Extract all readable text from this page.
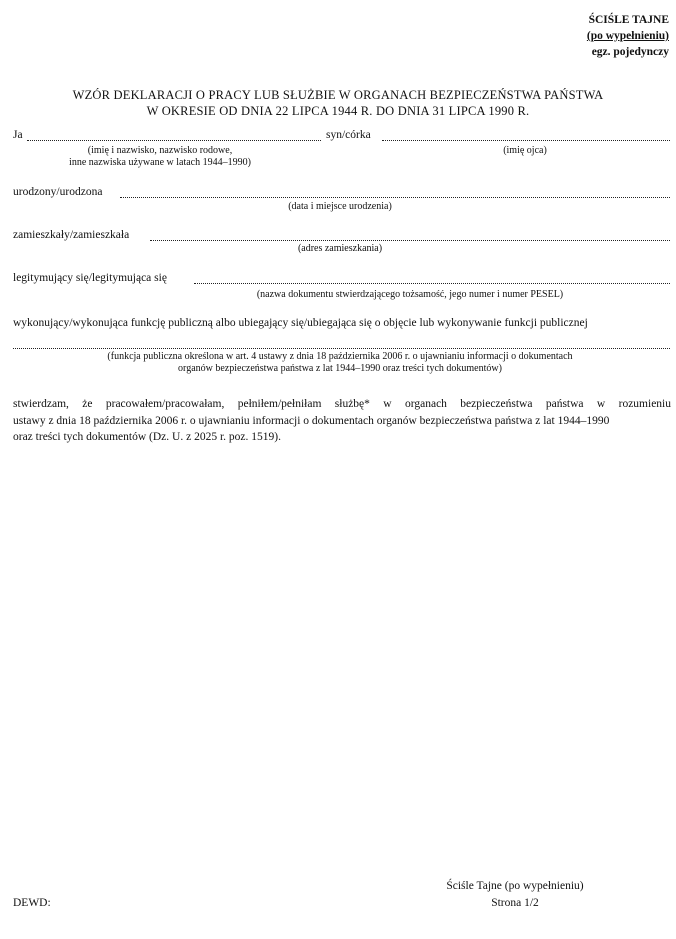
ŚCIŚLE TAJNE
(po wypełnieniu)
egz. pojedynczy
WZÓR DEKLARACJI O PRACY LUB SŁUŻBIE W ORGANACH BEZPIECZEŃSTWA PAŃSTWA
W OKRESIE OD DNIA 22 LIPCA 1944 R. DO DNIA 31 LIPCA 1990 R.
Ja	syn/córka
(imię i nazwisko, nazwisko rodowe,
inne nazwiska używane w latach 1944–1990)
(imię ojca)
urodzony/urodzona
(data i miejsce urodzenia)
zamieszkały/zamieszkała
(adres zamieszkania)
legitymujący się/legitymująca się
(nazwa dokumentu stwierdzającego tożsamość, jego numer i numer PESEL)
wykonujący/wykonująca funkcję publiczną albo ubiegający się/ubiegająca się o objęcie lub wykonywanie funkcji publicznej
(funkcja publiczna określona w art. 4 ustawy z dnia 18 października 2006 r. o ujawnianiu informacji o dokumentach
organów bezpieczeństwa państwa z lat 1944–1990 oraz treści tych dokumentów)
stwierdzam, że pracowałem/pracowałam, pełniłem/pełniłam służbę* w organach bezpieczeństwa państwa w rozumieniu
ustawy z dnia 18 października 2006 r. o ujawnianiu informacji o dokumentach organów bezpieczeństwa państwa z lat 1944–1990
oraz treści tych dokumentów (Dz. U. z 2025 r. poz. 1519).
Ściśle Tajne (po wypełnieniu)
Strona 1/2
DEWD:
